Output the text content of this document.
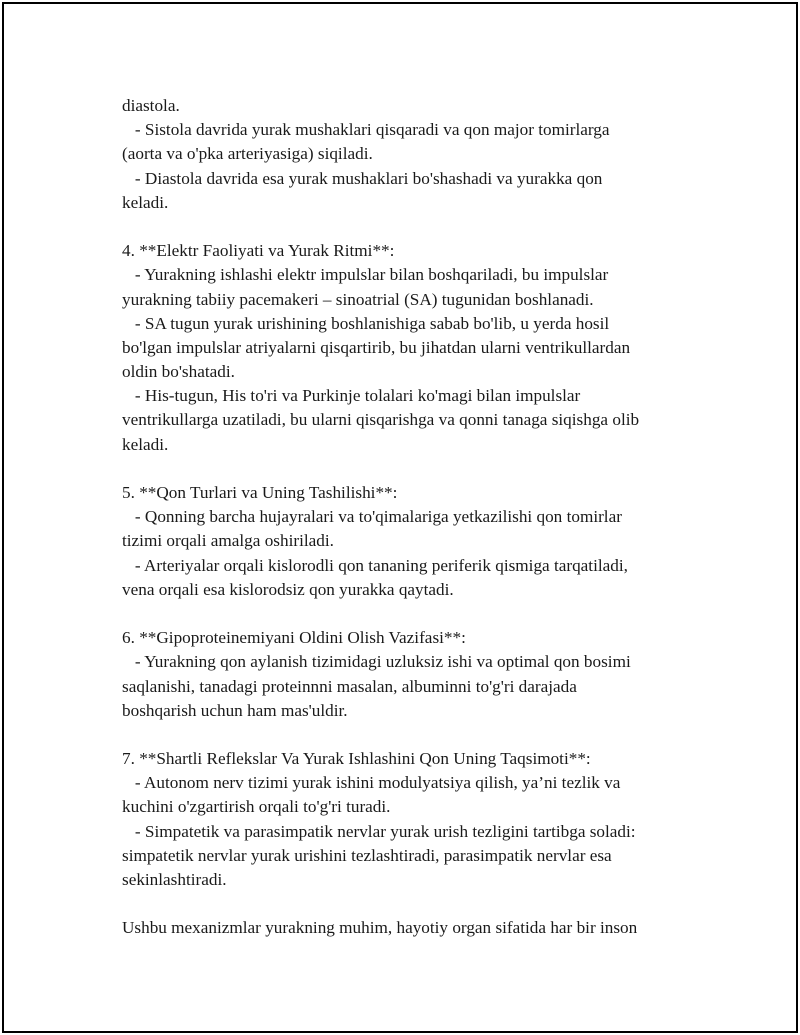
diastola.
- Sistola davrida yurak mushaklari qisqaradi va qon major tomirlarga
(aorta va o'pka arteriyasiga) siqiladi.
- Diastola davrida esa yurak mushaklari bo'shashadi va yurakka qon
keladi.
4. **Elektr Faoliyati va Yurak Ritmi**:
- Yurakning ishlashi elektr impulslar bilan boshqariladi, bu impulslar
yurakning tabiiy pacemakeri – sinoatrial (SA) tugunidan boshlanadi.
- SA tugun yurak urishining boshlanishiga sabab bo'lib, u yerda hosil
bo'lgan impulslar atriyalarni qisqartirib, bu jihatdan ularni ventrikullardan
oldin bo'shatadi.
- His-tugun, His to'ri va Purkinje tolalari ko'magi bilan impulslar
ventrikullarga uzatiladi, bu ularni qisqarishga va qonni tanaga siqishga olib
keladi.
5. **Qon Turlari va Uning Tashilishi**:
- Qonning barcha hujayralari va to'qimalariga yetkazilishi qon tomirlar
tizimi orqali amalga oshiriladi.
- Arteriyalar orqali kislorodli qon tananing periferik qismiga tarqatiladi,
vena orqali esa kislorodsiz qon yurakka qaytadi.
6. **Gipoproteinemiyani Oldini Olish Vazifasi**:
- Yurakning qon aylanish tizimidagi uzluksiz ishi va optimal qon bosimi
saqlanishi, tanadagi proteinnni masalan, albuminni to'g'ri darajada
boshqarish uchun ham mas'uldir.
7. **Shartli Reflekslar Va Yurak Ishlashini Qon Uning Taqsimoti**:
- Autonom nerv tizimi yurak ishini modulyatsiya qilish, ya’ni tezlik va
kuchini o'zgartirish orqali to'g'ri turadi.
- Simpatetik va parasimpatik nervlar yurak urish tezligini tartibga soladi:
simpatetik nervlar yurak urishini tezlashtiradi, parasimpatik nervlar esa
sekinlashtiradi.
Ushbu mexanizmlar yurakning muhim, hayotiy organ sifatida har bir inson
